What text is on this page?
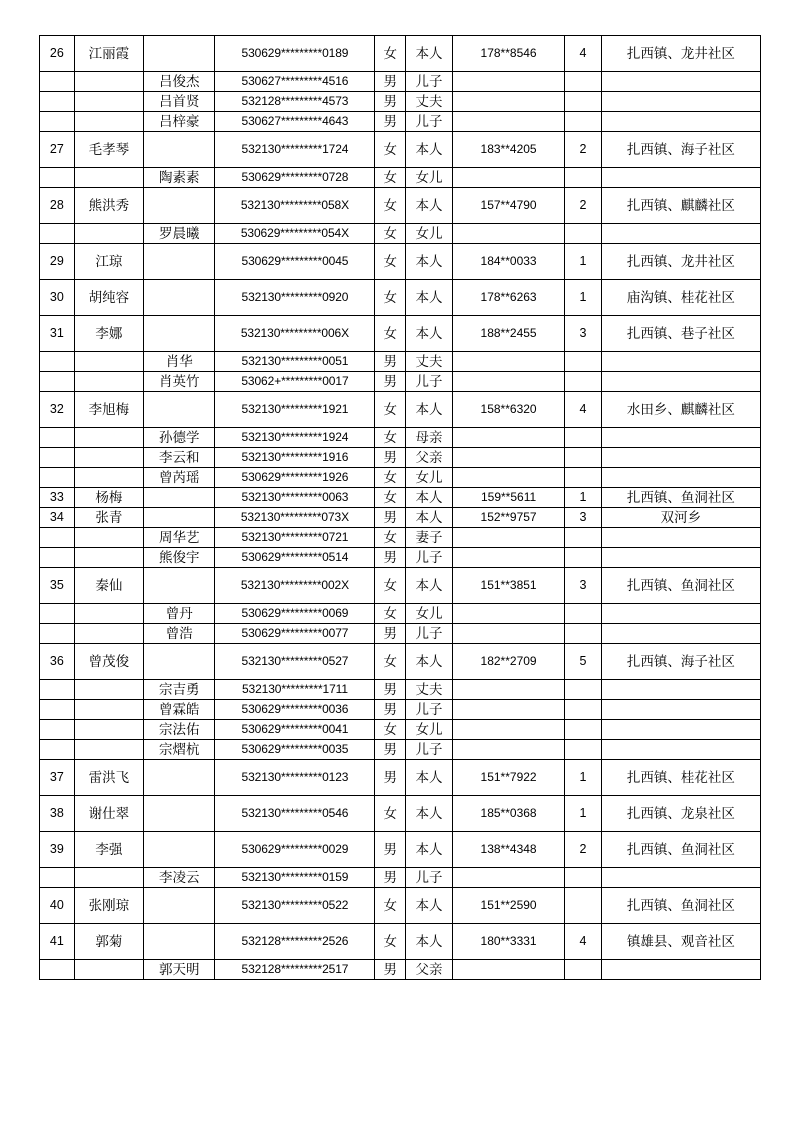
26	江丽霞		530629*********0189	女	本人	178**8546	4	扎西镇、龙井社区
		吕俊杰	530627*********4516	男	儿子			
		吕首贤	532128*********4573	男	丈夫			
		吕梓豪	530627*********4643	男	儿子			
27	毛孝琴		532130*********1724	女	本人	183**4205	2	扎西镇、海子社区
		陶素素	530629*********0728	女	女儿			
28	熊洪秀		532130*********058X	女	本人	157**4790	2	扎西镇、麒麟社区
		罗晨曦	530629*********054X	女	女儿			
29	江琼		530629*********0045	女	本人	184**0033	1	扎西镇、龙井社区
30	胡纯容		532130*********0920	女	本人	178**6263	1	庙沟镇、桂花社区
31	李娜		532130*********006X	女	本人	188**2455	3	扎西镇、巷子社区
		肖华	532130*********0051	男	丈夫			
		肖英竹	53062+*********0017	男	儿子			
32	李旭梅		532130*********1921	女	本人	158**6320	4	水田乡、麒麟社区
		孙德学	532130*********1924	女	母亲			
		李云和	532130*********1916	男	父亲			
		曾芮瑶	530629*********1926	女	女儿			
33	杨梅		532130*********0063	女	本人	159**5611	1	扎西镇、鱼洞社区
34	张青		532130*********073X	男	本人	152**9757	3	双河乡
		周华艺	532130*********0721	女	妻子			
		熊俊宇	530629*********0514	男	儿子			
35	秦仙		532130*********002X	女	本人	151**3851	3	扎西镇、鱼洞社区
		曾丹	530629*********0069	女	女儿			
		曾浩	530629*********0077	男	儿子			
36	曾茂俊		532130*********0527	女	本人	182**2709	5	扎西镇、海子社区
		宗吉勇	532130*********1711	男	丈夫			
		曾霖皓	530629*********0036	男	儿子			
		宗法佑	530629*********0041	女	女儿			
		宗熠杭	530629*********0035	男	儿子			
37	雷洪飞		532130*********0123	男	本人	151**7922	1	扎西镇、桂花社区
38	谢仕翠		532130*********0546	女	本人	185**0368	1	扎西镇、龙泉社区
39	李强		530629*********0029	男	本人	138**4348	2	扎西镇、鱼洞社区
		李凌云	532130*********0159	男	儿子			
40	张刚琼		532130*********0522	女	本人	151**2590		扎西镇、鱼洞社区
41	郭菊		532128*********2526	女	本人	180**3331	4	镇雄县、观音社区
		郭天明	532128*********2517	男	父亲			
